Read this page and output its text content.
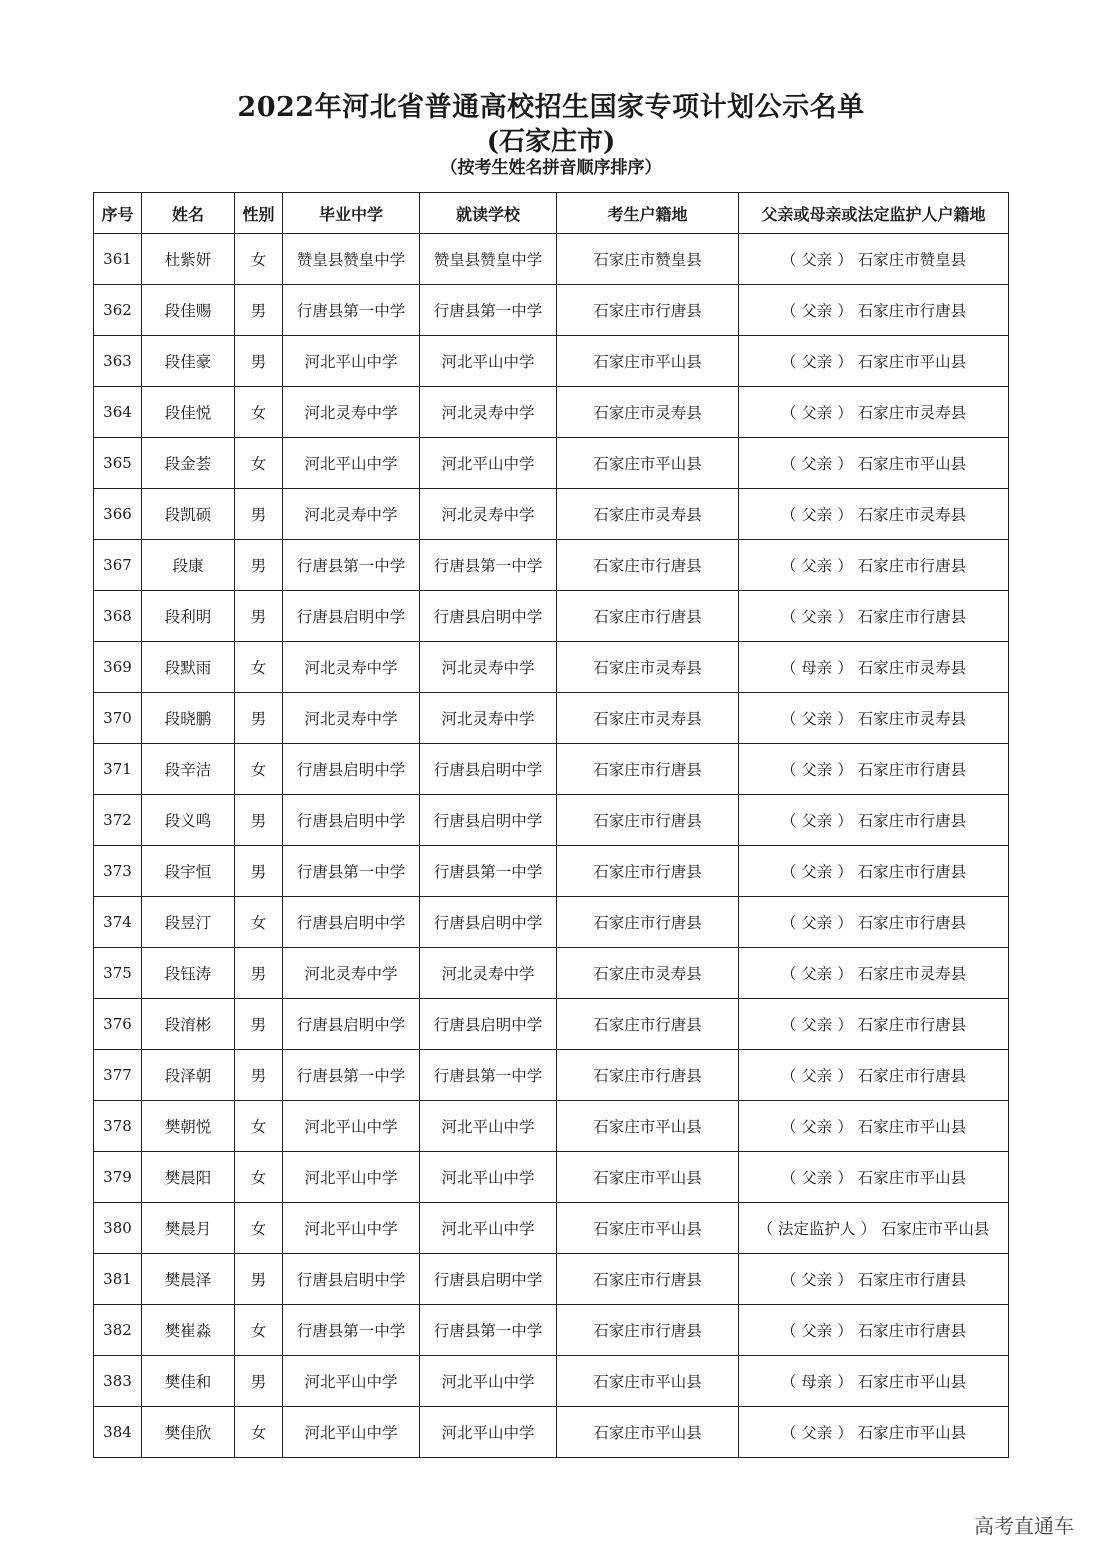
2022年河北省普通高校招生国家专项计划公示名单
(石家庄市)
（按考生姓名拼音顺序排序）
序号	姓名	性别	毕业中学	就读学校	考生户籍地	父亲或母亲或法定监护人户籍地
361	杜紫妍	女	赞皇县赞皇中学	赞皇县赞皇中学	石家庄市赞皇县	（ 父亲 ） 石家庄市赞皇县
362	段佳赐	男	行唐县第一中学	行唐县第一中学	石家庄市行唐县	（ 父亲 ） 石家庄市行唐县
363	段佳豪	男	河北平山中学	河北平山中学	石家庄市平山县	（ 父亲 ） 石家庄市平山县
364	段佳悦	女	河北灵寿中学	河北灵寿中学	石家庄市灵寿县	（ 父亲 ） 石家庄市灵寿县
365	段金荟	女	河北平山中学	河北平山中学	石家庄市平山县	（ 父亲 ） 石家庄市平山县
366	段凯硕	男	河北灵寿中学	河北灵寿中学	石家庄市灵寿县	（ 父亲 ） 石家庄市灵寿县
367	段康	男	行唐县第一中学	行唐县第一中学	石家庄市行唐县	（ 父亲 ） 石家庄市行唐县
368	段利明	男	行唐县启明中学	行唐县启明中学	石家庄市行唐县	（ 父亲 ） 石家庄市行唐县
369	段默雨	女	河北灵寿中学	河北灵寿中学	石家庄市灵寿县	（ 母亲 ） 石家庄市灵寿县
370	段晓鹏	男	河北灵寿中学	河北灵寿中学	石家庄市灵寿县	（ 父亲 ） 石家庄市灵寿县
371	段辛洁	女	行唐县启明中学	行唐县启明中学	石家庄市行唐县	（ 父亲 ） 石家庄市行唐县
372	段义鸣	男	行唐县启明中学	行唐县启明中学	石家庄市行唐县	（ 父亲 ） 石家庄市行唐县
373	段宇恒	男	行唐县第一中学	行唐县第一中学	石家庄市行唐县	（ 父亲 ） 石家庄市行唐县
374	段昱汀	女	行唐县启明中学	行唐县启明中学	石家庄市行唐县	（ 父亲 ） 石家庄市行唐县
375	段钰涛	男	河北灵寿中学	河北灵寿中学	石家庄市灵寿县	（ 父亲 ） 石家庄市灵寿县
376	段淯彬	男	行唐县启明中学	行唐县启明中学	石家庄市行唐县	（ 父亲 ） 石家庄市行唐县
377	段泽朝	男	行唐县第一中学	行唐县第一中学	石家庄市行唐县	（ 父亲 ） 石家庄市行唐县
378	樊朝悦	女	河北平山中学	河北平山中学	石家庄市平山县	（ 父亲 ） 石家庄市平山县
379	樊晨阳	女	河北平山中学	河北平山中学	石家庄市平山县	（ 父亲 ） 石家庄市平山县
380	樊晨月	女	河北平山中学	河北平山中学	石家庄市平山县	（ 法定监护人 ） 石家庄市平山县
381	樊晨泽	男	行唐县启明中学	行唐县启明中学	石家庄市行唐县	（ 父亲 ） 石家庄市行唐县
382	樊崔淼	女	行唐县第一中学	行唐县第一中学	石家庄市行唐县	（ 父亲 ） 石家庄市行唐县
383	樊佳和	男	河北平山中学	河北平山中学	石家庄市平山县	（ 母亲 ） 石家庄市平山县
384	樊佳欣	女	河北平山中学	河北平山中学	石家庄市平山县	（ 父亲 ） 石家庄市平山县
高考直通车
